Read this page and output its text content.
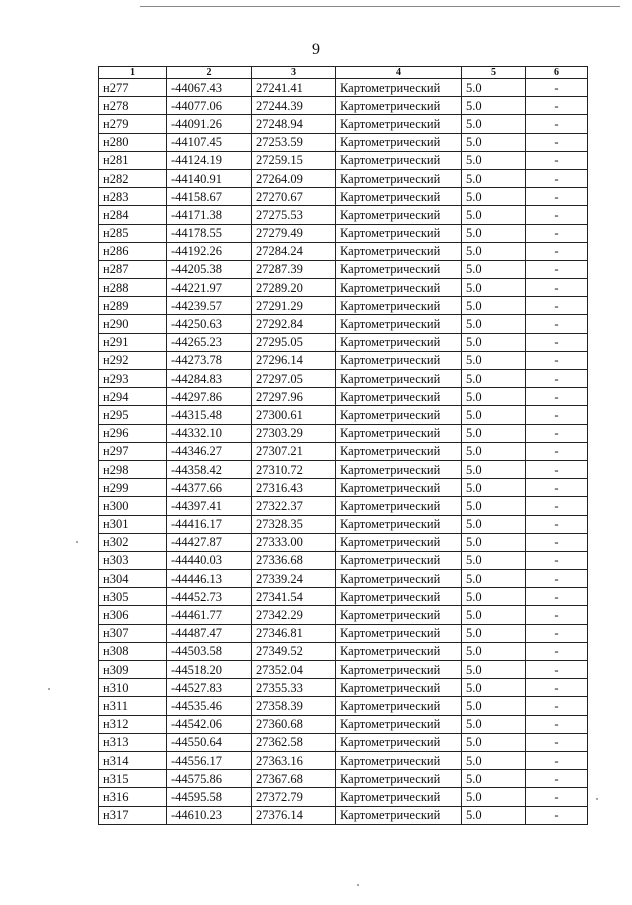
9
1	2	3	4	5	6
н277	-44067.43	27241.41	Картометрический	5.0	-
н278	-44077.06	27244.39	Картометрический	5.0	-
н279	-44091.26	27248.94	Картометрический	5.0	-
н280	-44107.45	27253.59	Картометрический	5.0	-
н281	-44124.19	27259.15	Картометрический	5.0	-
н282	-44140.91	27264.09	Картометрический	5.0	-
н283	-44158.67	27270.67	Картометрический	5.0	-
н284	-44171.38	27275.53	Картометрический	5.0	-
н285	-44178.55	27279.49	Картометрический	5.0	-
н286	-44192.26	27284.24	Картометрический	5.0	-
н287	-44205.38	27287.39	Картометрический	5.0	-
н288	-44221.97	27289.20	Картометрический	5.0	-
н289	-44239.57	27291.29	Картометрический	5.0	-
н290	-44250.63	27292.84	Картометрический	5.0	-
н291	-44265.23	27295.05	Картометрический	5.0	-
н292	-44273.78	27296.14	Картометрический	5.0	-
н293	-44284.83	27297.05	Картометрический	5.0	-
н294	-44297.86	27297.96	Картометрический	5.0	-
н295	-44315.48	27300.61	Картометрический	5.0	-
н296	-44332.10	27303.29	Картометрический	5.0	-
н297	-44346.27	27307.21	Картометрический	5.0	-
н298	-44358.42	27310.72	Картометрический	5.0	-
н299	-44377.66	27316.43	Картометрический	5.0	-
н300	-44397.41	27322.37	Картометрический	5.0	-
н301	-44416.17	27328.35	Картометрический	5.0	-
н302	-44427.87	27333.00	Картометрический	5.0	-
н303	-44440.03	27336.68	Картометрический	5.0	-
н304	-44446.13	27339.24	Картометрический	5.0	-
н305	-44452.73	27341.54	Картометрический	5.0	-
н306	-44461.77	27342.29	Картометрический	5.0	-
н307	-44487.47	27346.81	Картометрический	5.0	-
н308	-44503.58	27349.52	Картометрический	5.0	-
н309	-44518.20	27352.04	Картометрический	5.0	-
н310	-44527.83	27355.33	Картометрический	5.0	-
н311	-44535.46	27358.39	Картометрический	5.0	-
н312	-44542.06	27360.68	Картометрический	5.0	-
н313	-44550.64	27362.58	Картометрический	5.0	-
н314	-44556.17	27363.16	Картометрический	5.0	-
н315	-44575.86	27367.68	Картометрический	5.0	-
н316	-44595.58	27372.79	Картометрический	5.0	-
н317	-44610.23	27376.14	Картометрический	5.0	-
